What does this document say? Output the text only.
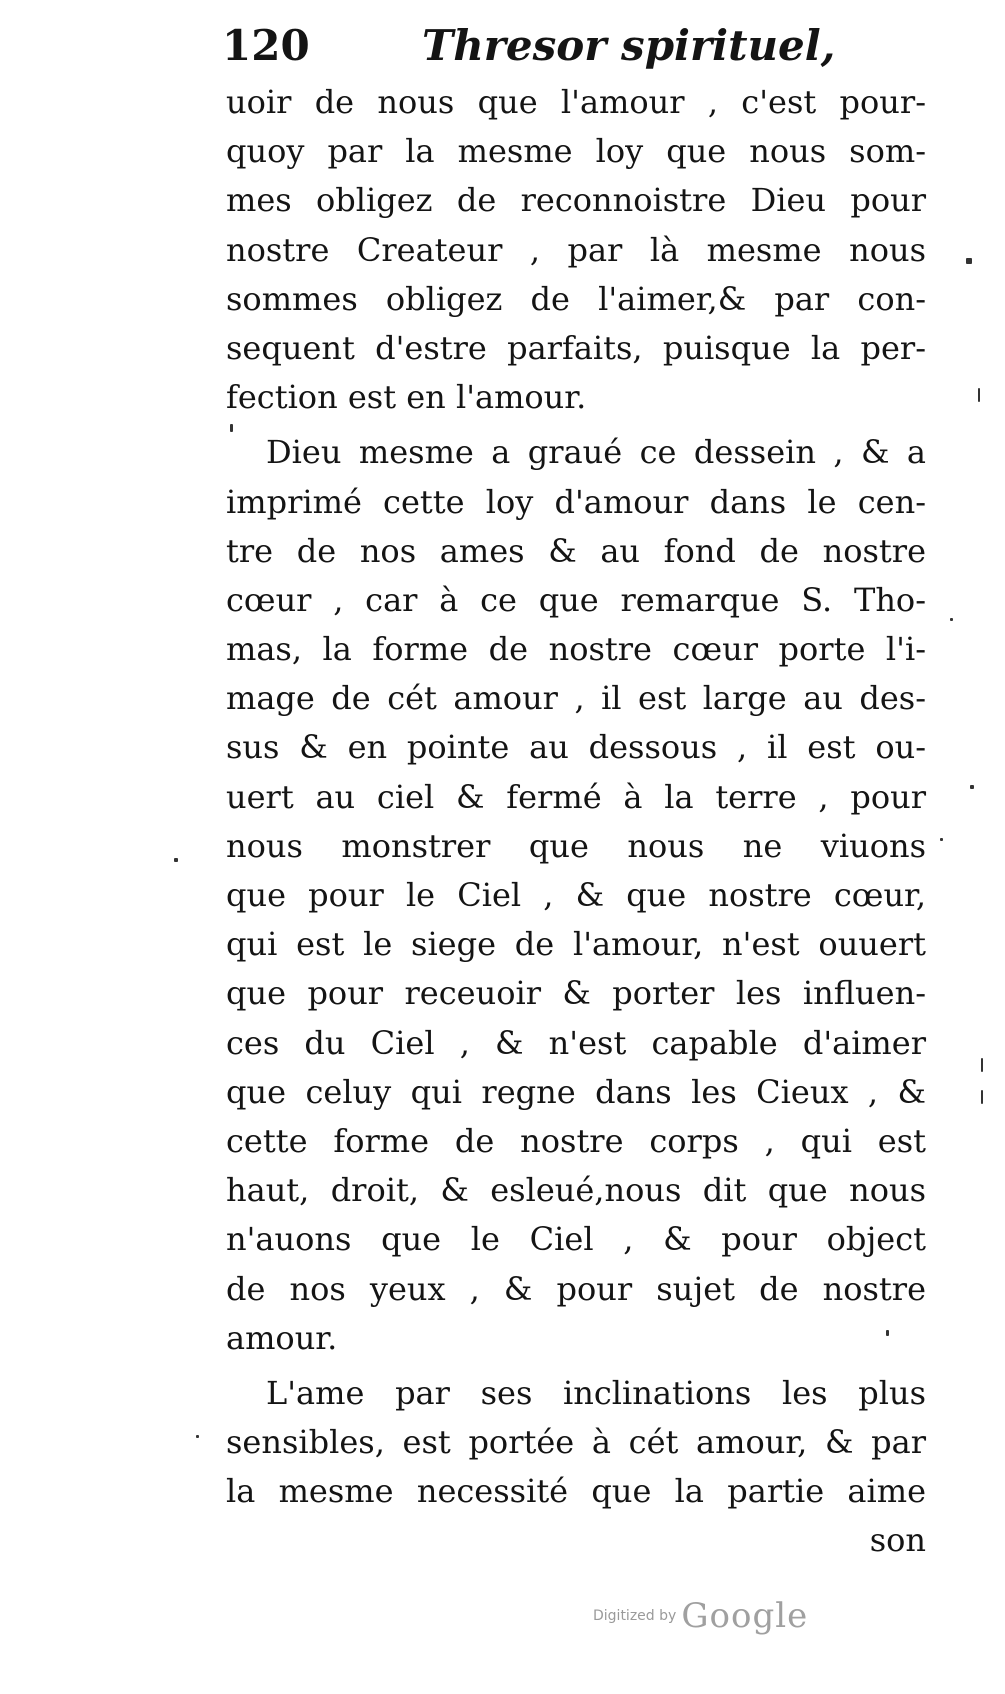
120	Thresor spirituel,
uoir de nous que l'amour , c'est pour-
quoy par la mesme loy que nous som-
mes obligez de reconnoistre Dieu pour
nostre Createur , par là mesme nous
sommes obligez de l'aimer,& par con-
sequent d'estre parfaits, puisque la per-
fection est en l'amour.
Dieu mesme a graué ce dessein , & a
imprimé cette loy d'amour dans le cen-
tre de nos ames & au fond de nostre
cœur , car à ce que remarque S. Tho-
mas, la forme de nostre cœur porte l'i-
mage de cét amour , il est large au des-
sus & en pointe au dessous , il est ou-
uert au ciel & fermé à la terre , pour
nous monstrer que nous ne viuons
que pour le Ciel , & que nostre cœur,
qui est le siege de l'amour, n'est ouuert
que pour receuoir & porter les influen-
ces du Ciel , & n'est capable d'aimer
que celuy qui regne dans les Cieux , &
cette forme de nostre corps , qui est
haut, droit, & esleué,nous dit que nous
n'auons que le Ciel , & pour object
de nos yeux , & pour sujet de nostre
amour.
L'ame par ses inclinations les plus
sensibles, est portée à cét amour, & par
la mesme necessité que la partie aime
son
Digitized by Google
